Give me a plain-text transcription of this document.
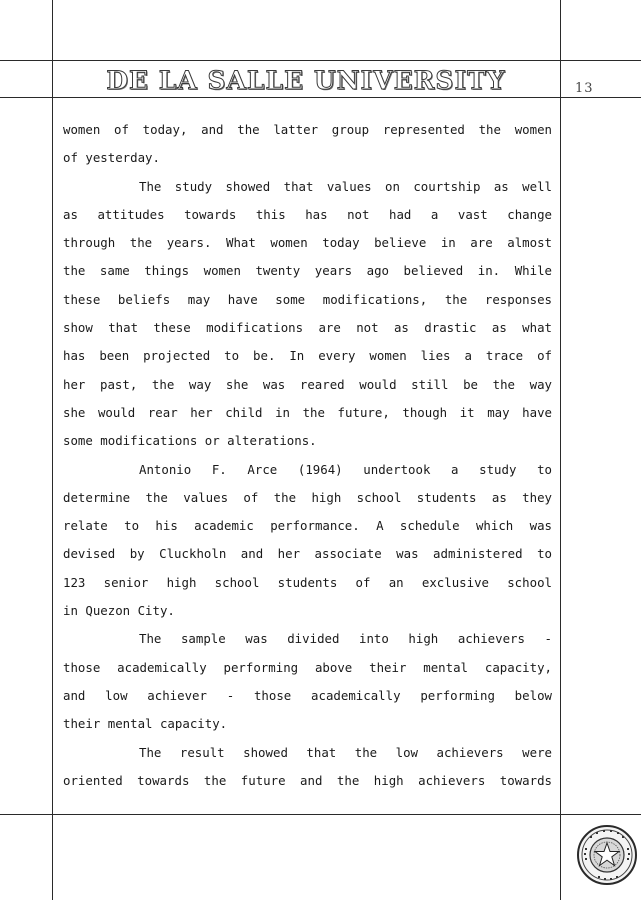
DE LA SALLE UNIVERSITY	13
women of today, and the latter group represented the women
of yesterday.
The study showed that values on courtship as well
as attitudes towards this has not had a vast change
through the years. What women today believe in are almost
the same things women twenty years ago believed in. While
these beliefs may have some modifications, the responses
show that these modifications are not as drastic as what
has been projected to be. In every women lies a trace of
her past, the way she was reared would still be the way
she would rear her child in the future, though it may have
some modifications or alterations.
Antonio F. Arce (1964) undertook a study to
determine the values of the high school students as they
relate to his academic performance. A schedule which was
devised by Cluckholn and her associate was administered to
123 senior high school students of an exclusive school
in Quezon City.
The sample was divided into high achievers -
those academically performing above their mental capacity,
and low achiever - those academically performing below
their mental capacity.
The result showed that the low achievers were
oriented towards the future and the high achievers towards
